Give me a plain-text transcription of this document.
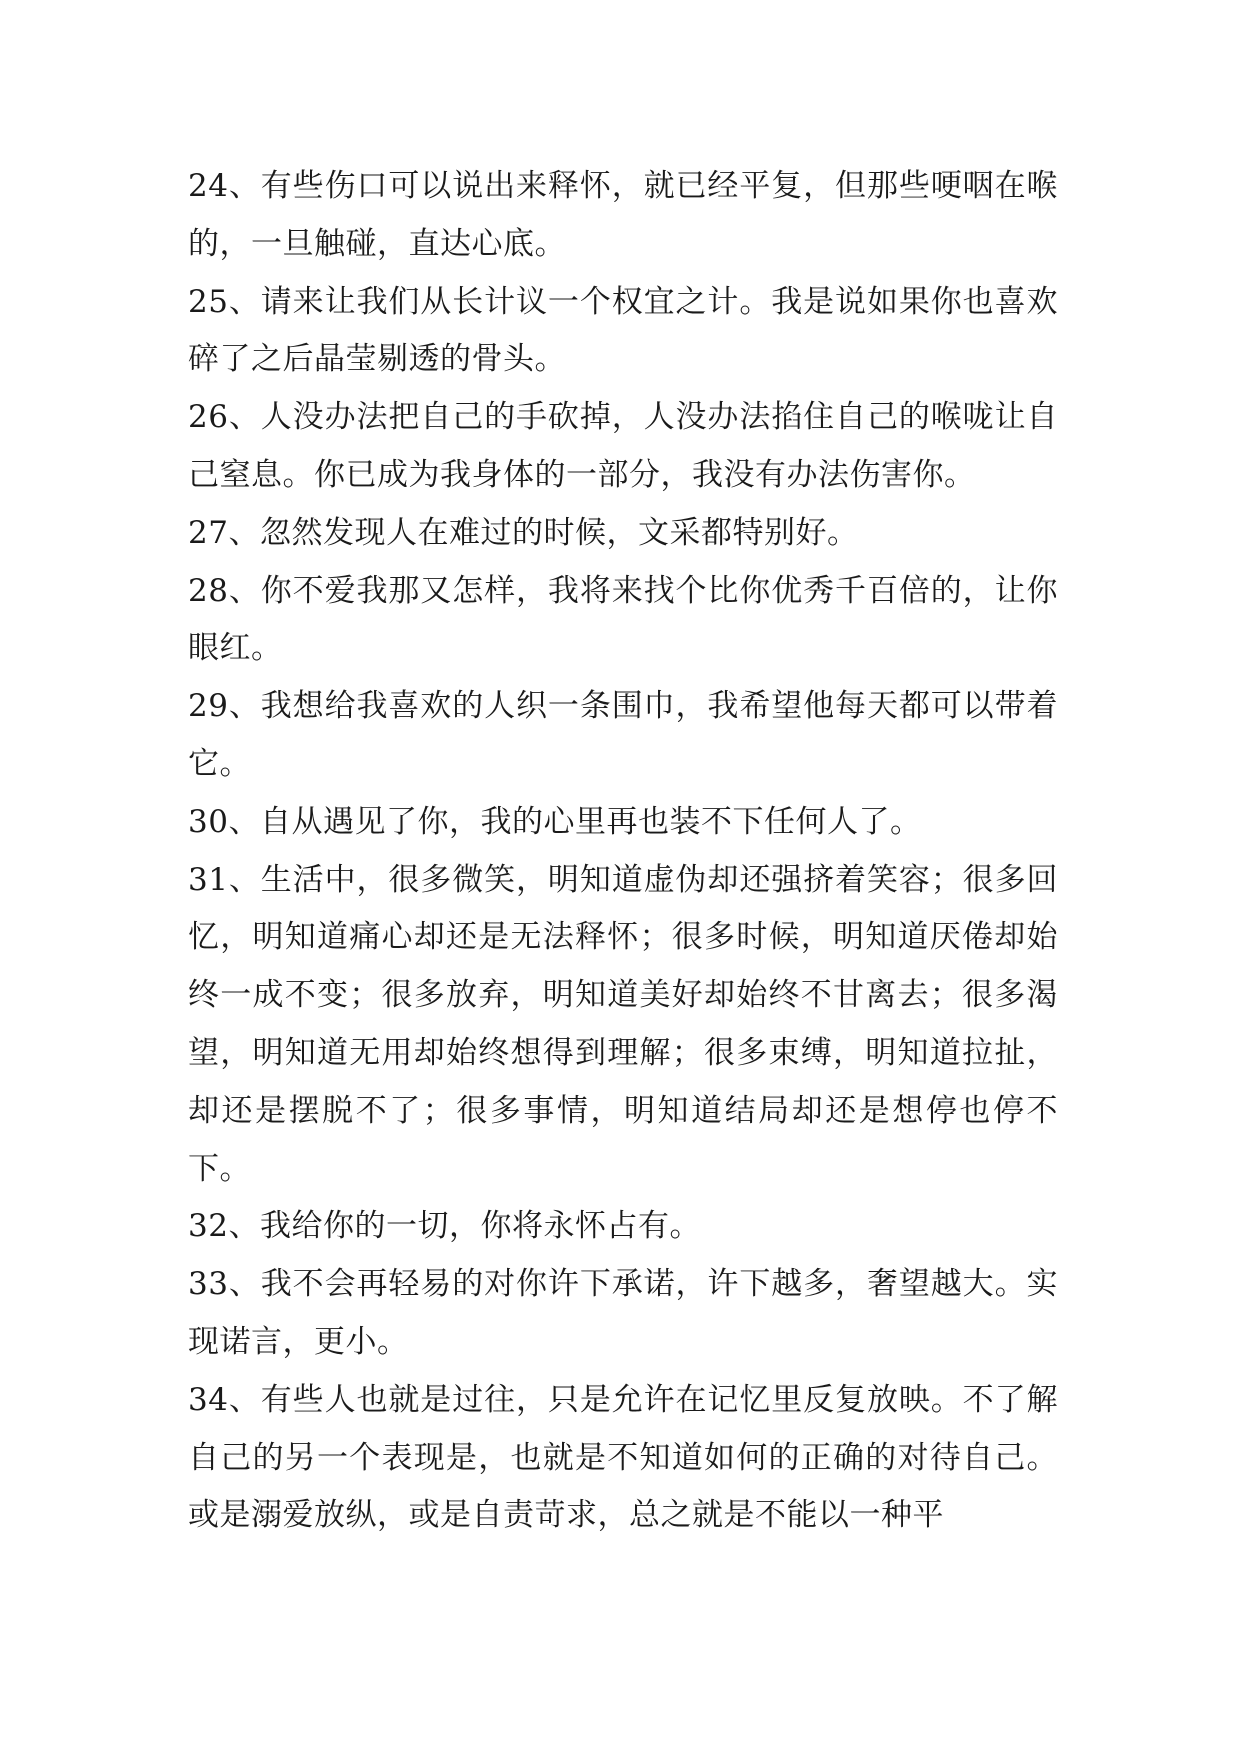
24、有些伤口可以说出来释怀，就已经平复，但那些哽咽在喉的，一旦触碰，直达心底。

25、请来让我们从长计议一个权宜之计。我是说如果你也喜欢碎了之后晶莹剔透的骨头。

26、人没办法把自己的手砍掉，人没办法掐住自己的喉咙让自己窒息。你已成为我身体的一部分，我没有办法伤害你。

27、忽然发现人在难过的时候，文采都特别好。

28、你不爱我那又怎样，我将来找个比你优秀千百倍的，让你眼红。

29、我想给我喜欢的人织一条围巾，我希望他每天都可以带着它。

30、自从遇见了你，我的心里再也装不下任何人了。

31、生活中，很多微笑，明知道虚伪却还强挤着笑容；很多回忆，明知道痛心却还是无法释怀；很多时候，明知道厌倦却始终一成不变；很多放弃，明知道美好却始终不甘离去；很多渴望，明知道无用却始终想得到理解；很多束缚，明知道拉扯，却还是摆脱不了；很多事情，明知道结局却还是想停也停不下。

32、我给你的一切，你将永怀占有。

33、我不会再轻易的对你许下承诺，许下越多，奢望越大。实现诺言，更小。

34、有些人也就是过往，只是允许在记忆里反复放映。不了解自己的另一个表现是，也就是不知道如何的正确的对待自己。或是溺爱放纵，或是自责苛求，总之就是不能以一种平
